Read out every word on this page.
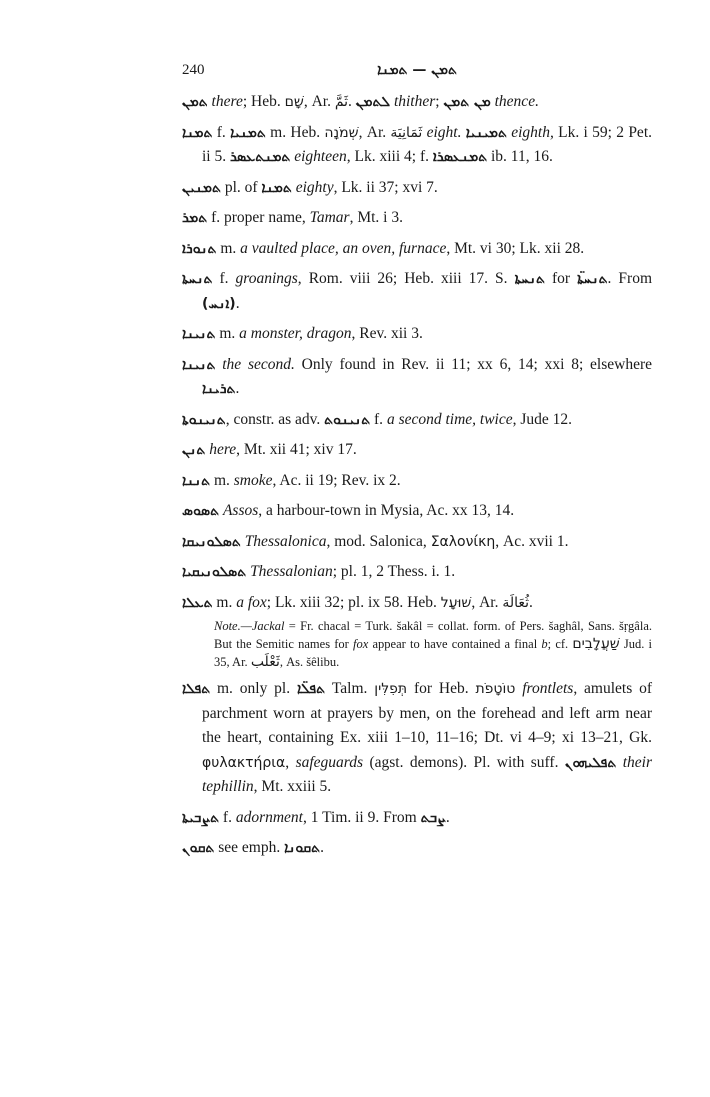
240	ܬܡܢ — ܬܡܢܐ

ܬܡܢ there; Heb. שָׁם, Ar. ثَمَّ. ܠܬܡܢ thither; ܡܢ ܬܡܢ thence.

ܬܡܢܐ f. ܬܡܢܝܐ m. Heb. שְׁמֹנָה, Ar. ثَمَانِيَة eight. ܬܡܝܢܝܐ eighth, Lk. i 59; 2 Pet. ii 5. ܬܡܢܬܥܣܪ eighteen, Lk. xiii 4; f. ܬܡܢܥܣܪܐ ib. 11, 16.

ܬܡܢܝܢ pl. of ܬܡܢܐ eighty, Lk. ii 37; xvi 7.

ܬܡܪ f. proper name, Tamar, Mt. i 3.

ܬܢܘܪܐ m. a vaulted place, an oven, furnace, Mt. vi 30; Lk. xii 28.

ܬܢܚܬܐ f. groanings, Rom. viii 26; Heb. xiii 17. S. ܬܢܚܬܐ for ܬܢܚܬ̈ܐ. From (ܐܢܚ).

ܬܢܝܢܐ m. a monster, dragon, Rev. xii 3.

ܬܢܝܢܐ the second. Only found in Rev. ii 11; xx 6, 14; xxi 8; elsewhere ܬܪܝܢܐ.

ܬܢܝܢܘܬܐ, constr. as adv. ܬܢܝܢܘܬ f. a second time, twice, Jude 12.

ܬܢܢ here, Mt. xii 41; xiv 17.

ܬܢܢܐ m. smoke, Ac. ii 19; Rev. ix 2.

ܬܣܘܣ Assos, a harbour-town in Mysia, Ac. xx 13, 14.

ܬܣܠܘܢܝܩܐ Thessalonica, mod. Salonica, Σαλονίκη, Ac. xvii 1.

ܬܣܠܘܢܝܩܝܐ Thessalonian; pl. 1, 2 Thess. i. 1.

ܬܥܠܐ m. a fox; Lk. xiii 32; pl. ix 58. Heb. שׁוּעָל, Ar. ثُعَالَة.

Note.—Jackal = Fr. chacal = Turk. šakâl = collat. form. of Pers. šaghâl, Sans. šṛgâla. But the Semitic names for fox appear to have contained a final b; cf. שַׁעֲלָבִים Jud. i 35, Ar. ثَعْلَب, As. šêlibu.

ܬܦܠܐ m. only pl. ܬܦܠ̈ܐ Talm. תְּפִלִּין for Heb. טוֹטָפֹת frontlets, amulets of parchment worn at prayers by men, on the forehead and left arm near the heart, containing Ex. xiii 1–10, 11–16; Dt. vi 4–9; xi 13–21, Gk. φυλακτήρια, safeguards (agst. demons). Pl. with suff. ܬܦܠܝܗܘܢ their tephillin, Mt. xxiii 5.

ܬܨܒܝܬܐ f. adornment, 1 Tim. ii 9. From ܨܒܬ.

ܬܩܘܢ see emph. ܬܩܘܢܐ.
